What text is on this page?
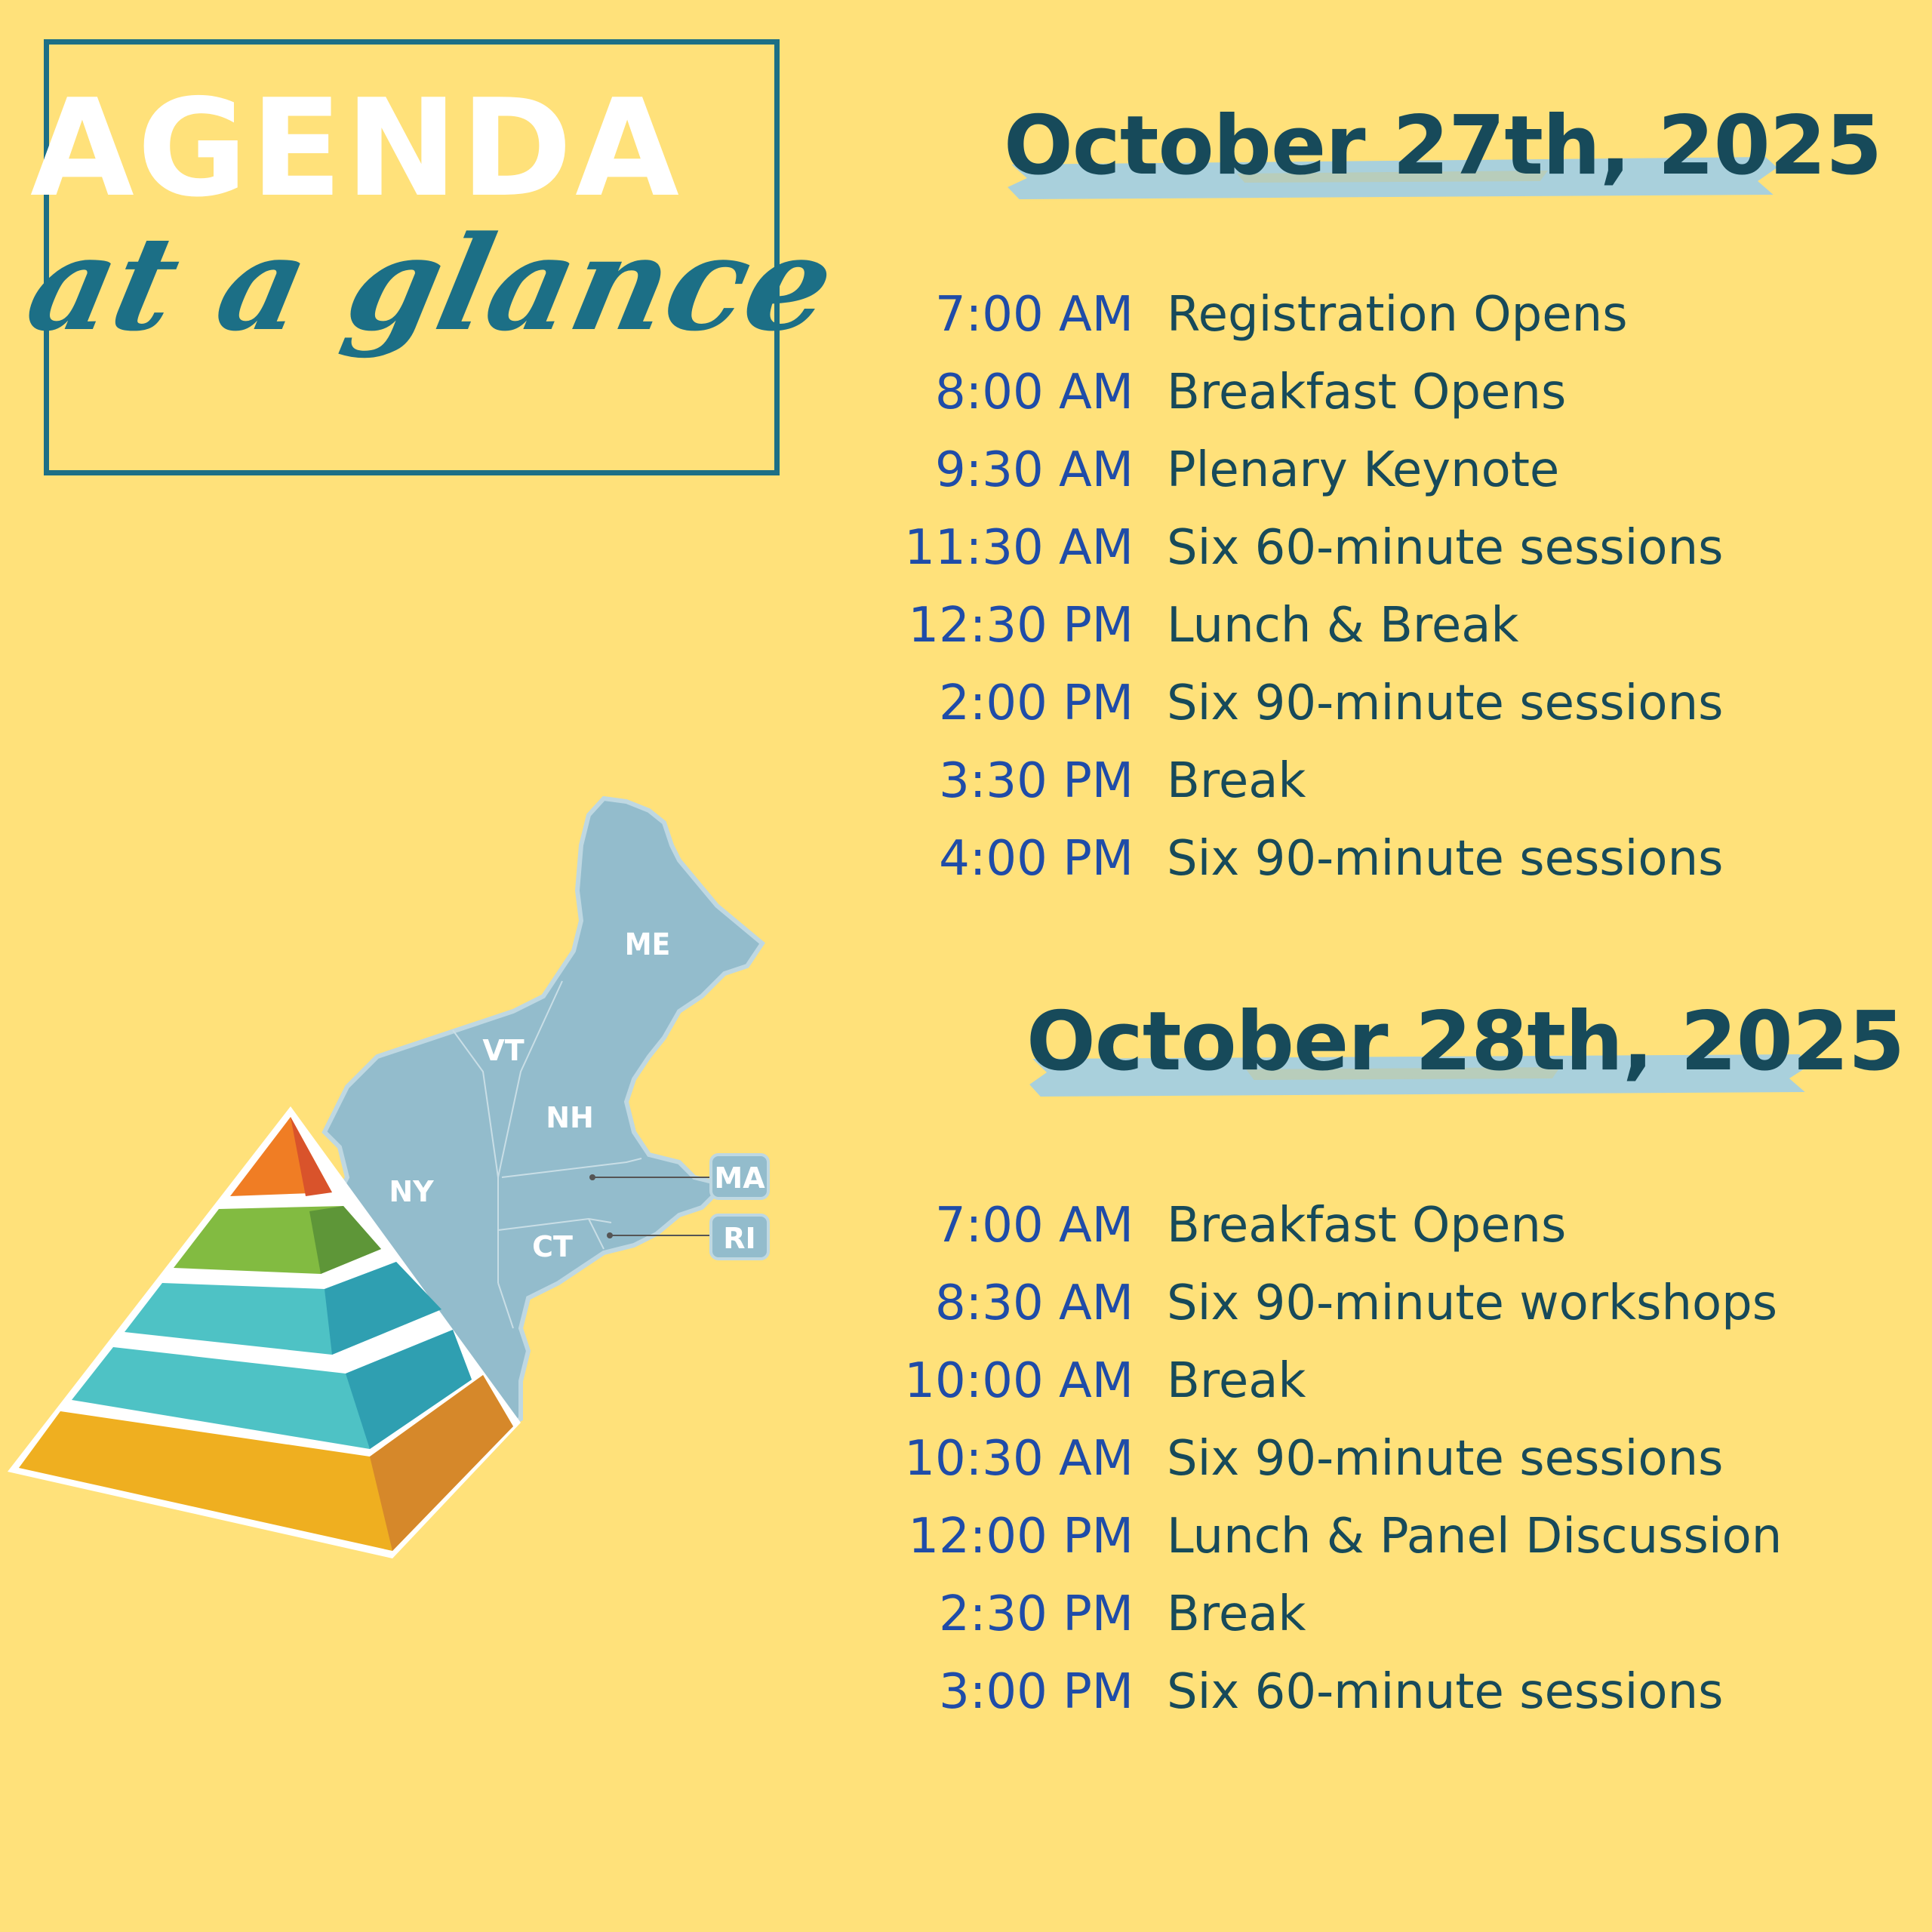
AGENDA
at a glance
October 27th, 2025
7:00 AM Registration Opens
8:00 AM Breakfast Opens
9:30 AM Plenary Keynote
11:30 AM Six 60-minute sessions
12:30 PM Lunch & Break
2:00 PM Six 90-minute sessions
3:30 PM Break
4:00 PM Six 90-minute sessions
October 28th, 2025
7:00 AM Breakfast Opens
8:30 AM Six 90-minute workshops
10:00 AM Break
10:30 AM Six 90-minute sessions
12:00 PM Lunch & Panel Discussion
2:30 PM Break
3:00 PM Six 60-minute sessions
ME
VT
NH
NY
CT
MA
RI
